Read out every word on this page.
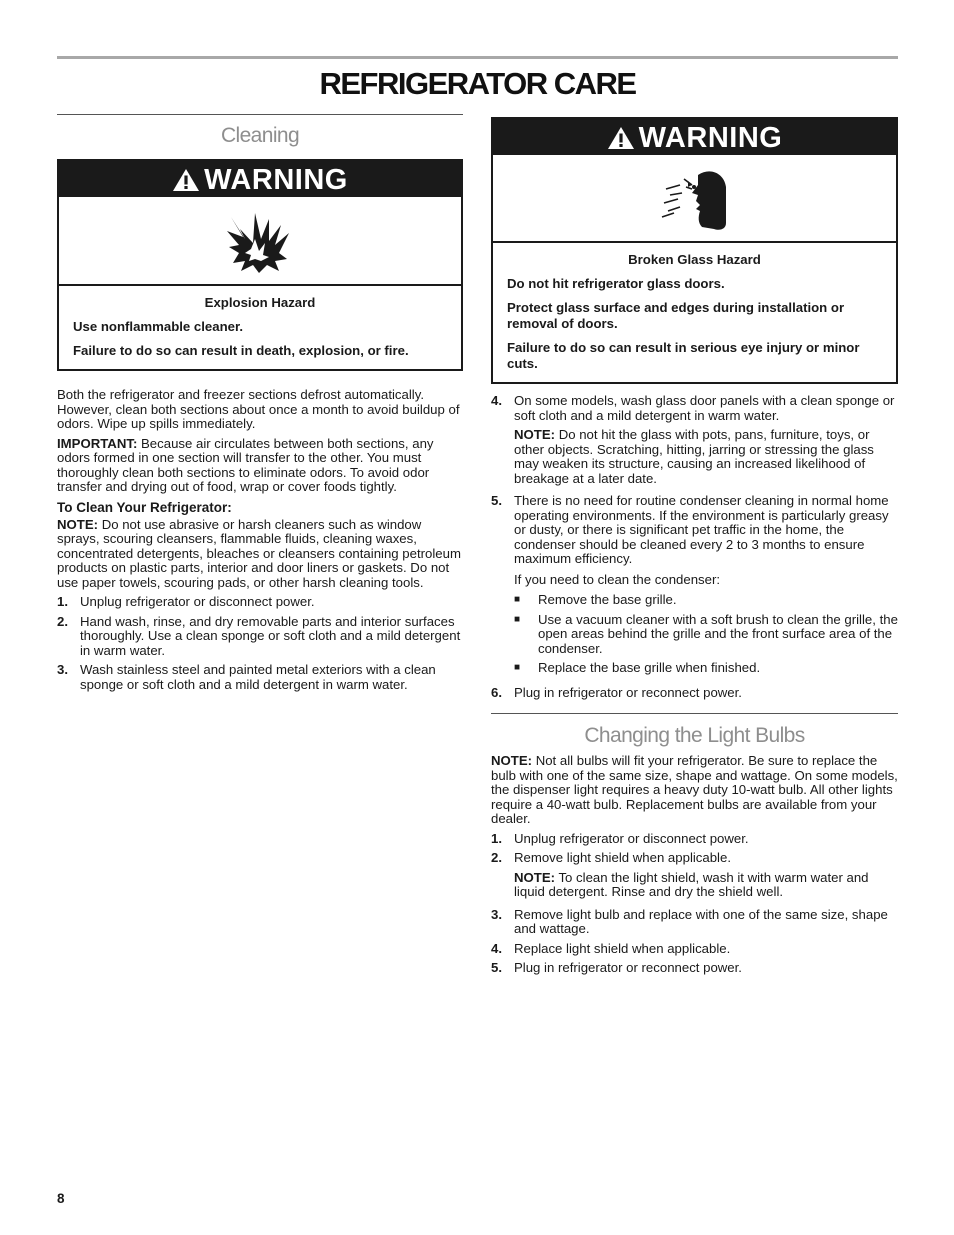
REFRIGERATOR CARE
Cleaning
WARNING
Explosion Hazard

Use nonflammable cleaner.

Failure to do so can result in death, explosion, or fire.

Both the refrigerator and freezer sections defrost automatically. However, clean both sections about once a month to avoid buildup of odors. Wipe up spills immediately.

IMPORTANT: Because air circulates between both sections, any odors formed in one section will transfer to the other. You must thoroughly clean both sections to eliminate odors. To avoid odor transfer and drying out of food, wrap or cover foods tightly.

To Clean Your Refrigerator:

NOTE: Do not use abrasive or harsh cleaners such as window sprays, scouring cleansers, flammable fluids, cleaning waxes, concentrated detergents, bleaches or cleansers containing petroleum products on plastic parts, interior and door liners or gaskets. Do not use paper towels, scouring pads, or other harsh cleaning tools.

1. Unplug refrigerator or disconnect power.
2. Hand wash, rinse, and dry removable parts and interior surfaces thoroughly. Use a clean sponge or soft cloth and a mild detergent in warm water.
3. Wash stainless steel and painted metal exteriors with a clean sponge or soft cloth and a mild detergent in warm water.
WARNING
Broken Glass Hazard

Do not hit refrigerator glass doors.

Protect glass surface and edges during installation or removal of doors.

Failure to do so can result in serious eye injury or minor cuts.

4. On some models, wash glass door panels with a clean sponge or soft cloth and a mild detergent in warm water.
NOTE: Do not hit the glass with pots, pans, furniture, toys, or other objects. Scratching, hitting, jarring or stressing the glass may weaken its structure, causing an increased likelihood of breakage at a later date.
5. There is no need for routine condenser cleaning in normal home operating environments. If the environment is particularly greasy or dusty, or there is significant pet traffic in the home, the condenser should be cleaned every 2 to 3 months to ensure maximum efficiency.
If you need to clean the condenser:
■	Remove the base grille.
■	Use a vacuum cleaner with a soft brush to clean the grille, the open areas behind the grille and the front surface area of the condenser.
■	Replace the base grille when finished.
6. Plug in refrigerator or reconnect power.
Changing the Light Bulbs

NOTE: Not all bulbs will fit your refrigerator. Be sure to replace the bulb with one of the same size, shape and wattage. On some models, the dispenser light requires a heavy duty 10-watt bulb. All other lights require a 40-watt bulb. Replacement bulbs are available from your dealer.

1. Unplug refrigerator or disconnect power.
2. Remove light shield when applicable.
NOTE: To clean the light shield, wash it with warm water and liquid detergent. Rinse and dry the shield well.
3. Remove light bulb and replace with one of the same size, shape and wattage.
4. Replace light shield when applicable.
5. Plug in refrigerator or reconnect power.
8
